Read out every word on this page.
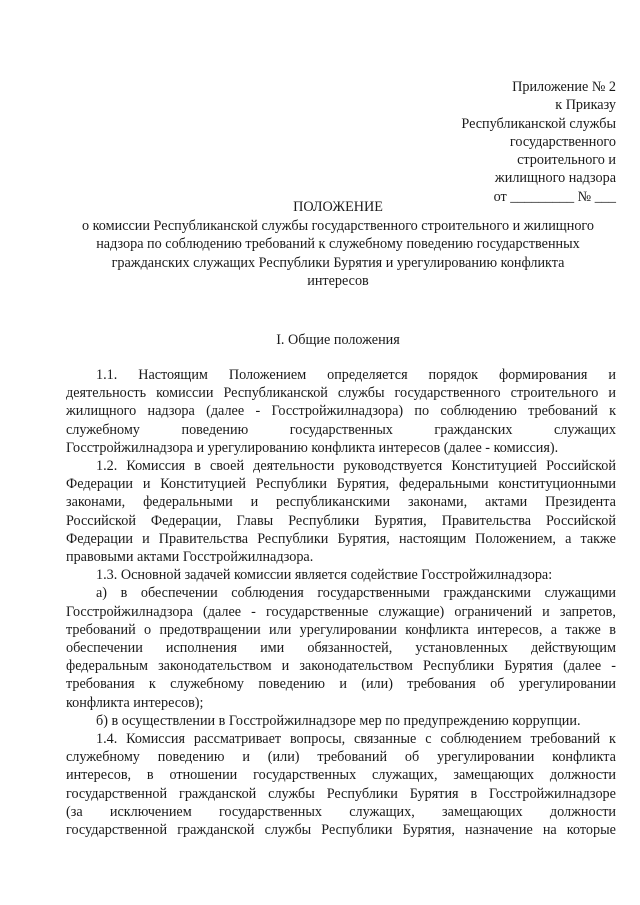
Приложение № 2
к Приказу
Республиканской службы
государственного
строительного и
жилищного надзора
от _________ № ___
ПОЛОЖЕНИЕ
о комиссии Республиканской службы государственного строительного и жилищного
надзора по соблюдению требований к служебному поведению государственных
гражданских служащих Республики Бурятия и урегулированию конфликта
интересов
I. Общие положения
1.1. Настоящим Положением определяется порядок формирования и
деятельность комиссии Республиканской службы государственного строительного и
жилищного надзора (далее - Госстройжилнадзора) по соблюдению требований к
служебному	поведению	государственных	гражданских	служащих
Госстройжилнадзора и урегулированию конфликта интересов (далее - комиссия).
1.2. Комиссия в своей деятельности руководствуется Конституцией Российской
Федерации и Конституцией Республики Бурятия, федеральными конституционными
законами, федеральными и республиканскими законами, актами Президента
Российской Федерации, Главы Республики Бурятия, Правительства Российской
Федерации и Правительства Республики Бурятия, настоящим Положением, а также
правовыми актами Госстройжилнадзора.
1.3. Основной задачей комиссии является содействие Госстройжилнадзора:
а) в обеспечении соблюдения государственными гражданскими служащими
Госстройжилнадзора (далее - государственные служащие) ограничений и запретов,
требований о предотвращении или урегулировании конфликта интересов, а также в
обеспечении исполнения ими обязанностей, установленных действующим
федеральным законодательством и законодательством Республики Бурятия (далее -
требования к служебному поведению и (или) требования об урегулировании
конфликта интересов);
б) в осуществлении в Госстройжилнадзоре мер по предупреждению коррупции.
1.4. Комиссия рассматривает вопросы, связанные с соблюдением требований к
служебному поведению и (или) требований об урегулировании конфликта
интересов, в отношении государственных служащих, замещающих должности
государственной гражданской службы Республики Бурятия в Госстройжилнадзоре
(за исключением государственных служащих, замещающих должности
государственной гражданской службы Республики Бурятия, назначение на которые
